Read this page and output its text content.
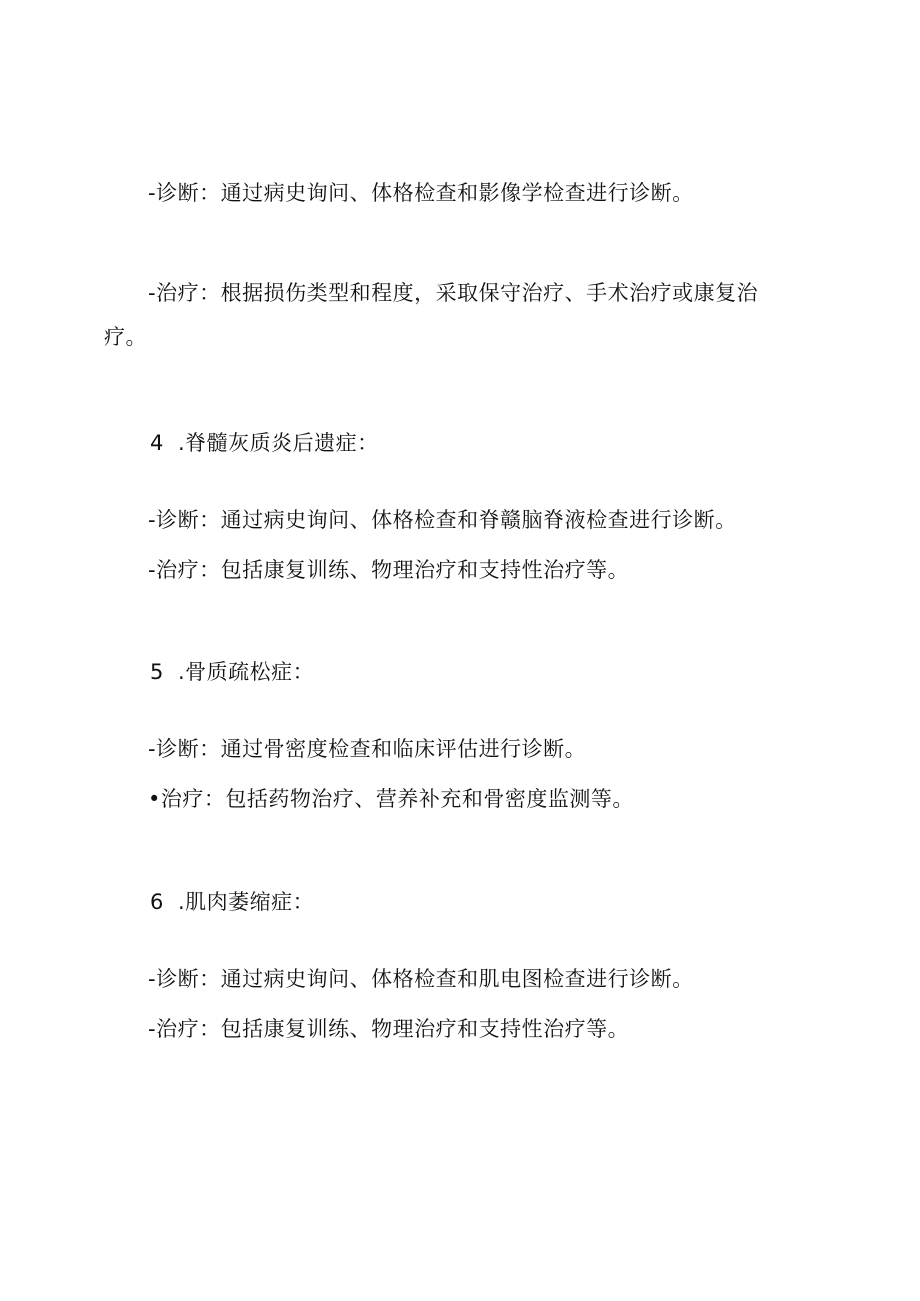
-诊断：通过病史询问、体格检查和影像学检查进行诊断。
-治疗：根据损伤类型和程度，采取保守治疗、手术治疗或康复治
疗。
4 .脊髓灰质炎后遗症：
-诊断：通过病史询问、体格检查和脊赣脑脊液检查进行诊断。
-治疗：包括康复训练、物理治疗和支持性治疗等。
5 .骨质疏松症：
-诊断：通过骨密度检查和临床评估进行诊断。
•治疗：包括药物治疗、营养补充和骨密度监测等。
6 .肌肉萎缩症：
-诊断：通过病史询问、体格检查和肌电图检查进行诊断。
-治疗：包括康复训练、物理治疗和支持性治疗等。
